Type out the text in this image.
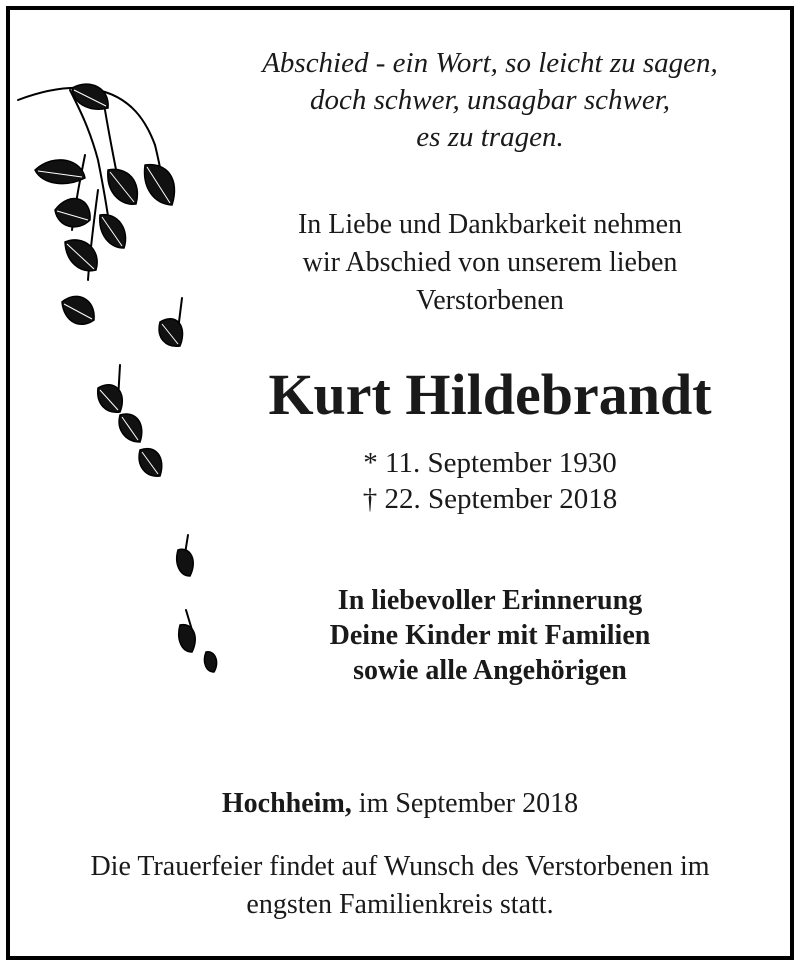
Abschied - ein Wort, so leicht zu sagen,
doch schwer, unsagbar schwer,
es zu tragen.
In Liebe und Dankbarkeit nehmen
wir Abschied von unserem lieben
Verstorbenen
Kurt Hildebrandt
* 11. September 1930
† 22. September 2018
In liebevoller Erinnerung
Deine Kinder mit Familien
sowie alle Angehörigen
Hochheim, im September 2018
Die Trauerfeier findet auf Wunsch des Verstorbenen im
engsten Familienkreis statt.
